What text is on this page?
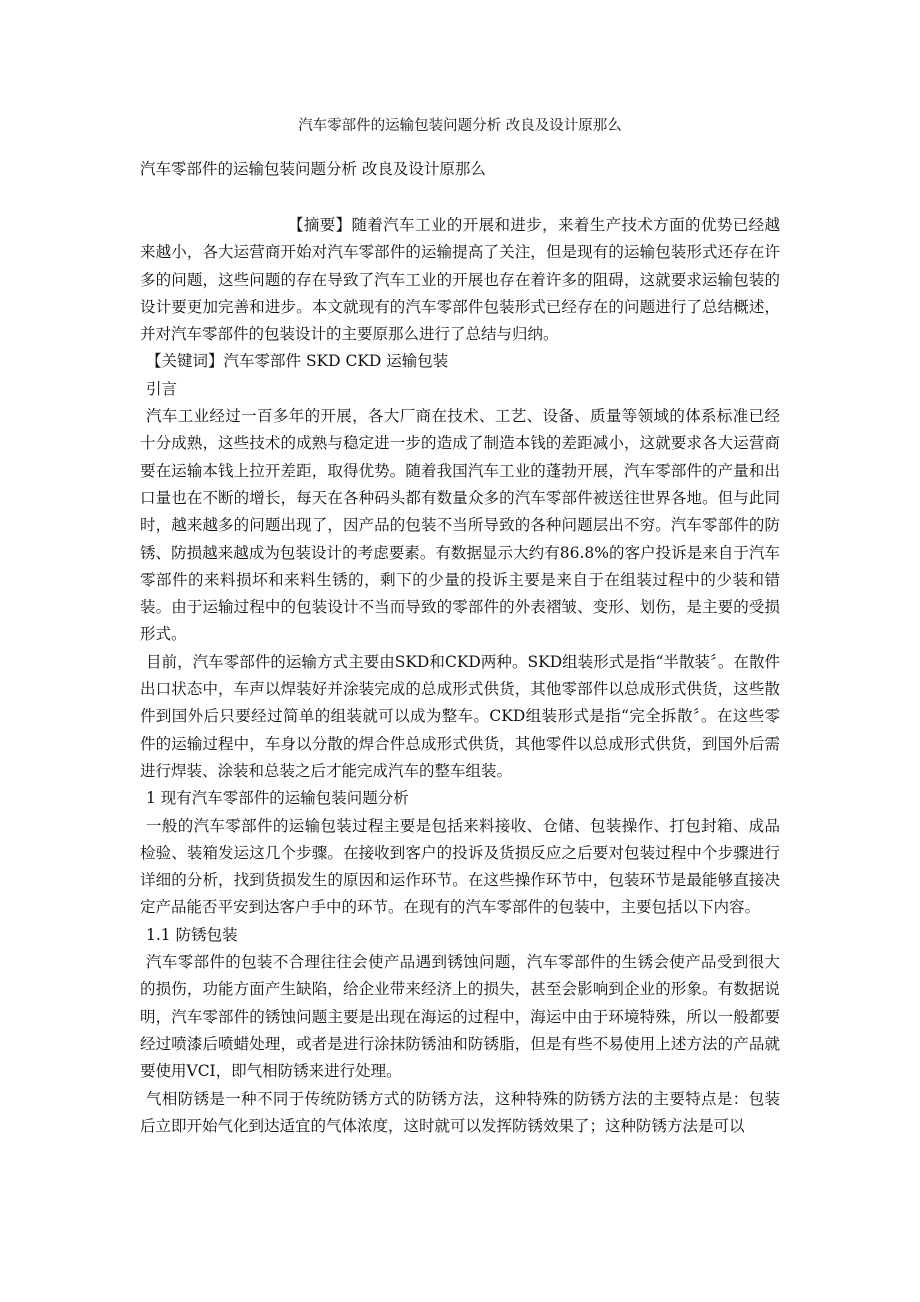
汽车零部件的运输包装问题分析 改良及设计原那么
汽车零部件的运输包装问题分析 改良及设计原那么

【摘要】随着汽车工业的开展和进步，来着生产技术方面的优势已经越来越小，各大运营商开始对汽车零部件的运输提高了关注，但是现有的运输包装形式还存在许多的问题，这些问题的存在导致了汽车工业的开展也存在着许多的阻碍，这就要求运输包装的设计要更加完善和进步。本文就现有的汽车零部件包装形式已经存在的问题进行了总结概述，并对汽车零部件的包装设计的主要原那么进行了总结与归纳。

【关键词】汽车零部件 SKD CKD 运输包装

引言

汽车工业经过一百多年的开展，各大厂商在技术、工艺、设备、质量等领域的体系标准已经十分成熟，这些技术的成熟与稳定进一步的造成了制造本钱的差距减小，这就要求各大运营商要在运输本钱上拉开差距，取得优势。随着我国汽车工业的蓬勃开展，汽车零部件的产量和出口量也在不断的增长，每天在各种码头都有数量众多的汽车零部件被送往世界各地。但与此同时，越来越多的问题出现了，因产品的包装不当所导致的各种问题层出不穷。汽车零部件的防锈、防损越来越成为包装设计的考虑要素。有数据显示大约有86.8%的客户投诉是来自于汽车零部件的来料损坏和来料生锈的，剩下的少量的投诉主要是来自于在组装过程中的少装和错装。由于运输过程中的包装设计不当而导致的零部件的外表褶皱、变形、划伤，是主要的受损形式。

目前，汽车零部件的运输方式主要由SKD和CKD两种。SKD组装形式是指“半散装〞。在散件出口状态中，车声以焊装好并涂装完成的总成形式供货，其他零部件以总成形式供货，这些散件到国外后只要经过简单的组装就可以成为整车。CKD组装形式是指“完全拆散〞。在这些零件的运输过程中，车身以分散的焊合件总成形式供货，其他零件以总成形式供货，到国外后需进行焊装、涂装和总装之后才能完成汽车的整车组装。

1 现有汽车零部件的运输包装问题分析

一般的汽车零部件的运输包装过程主要是包括来料接收、仓储、包装操作、打包封箱、成品检验、装箱发运这几个步骤。在接收到客户的投诉及货损反应之后要对包装过程中个步骤进行详细的分析，找到货损发生的原因和运作环节。在这些操作环节中，包装环节是最能够直接决定产品能否平安到达客户手中的环节。在现有的汽车零部件的包装中，主要包括以下内容。

1.1 防锈包装

汽车零部件的包装不合理往往会使产品遇到锈蚀问题，汽车零部件的生锈会使产品受到很大的损伤，功能方面产生缺陷，给企业带来经济上的损失，甚至会影响到企业的形象。有数据说明，汽车零部件的锈蚀问题主要是出现在海运的过程中，海运中由于环境特殊，所以一般都要经过喷漆后喷蜡处理，或者是进行涂抹防锈油和防锈脂，但是有些不易使用上述方法的产品就要使用VCI，即气相防锈来进行处理。

气相防锈是一种不同于传统防锈方式的防锈方法，这种特殊的防锈方法的主要特点是：包装后立即开始气化到达适宜的气体浓度，这时就可以发挥防锈效果了；这种防锈方法是可以
